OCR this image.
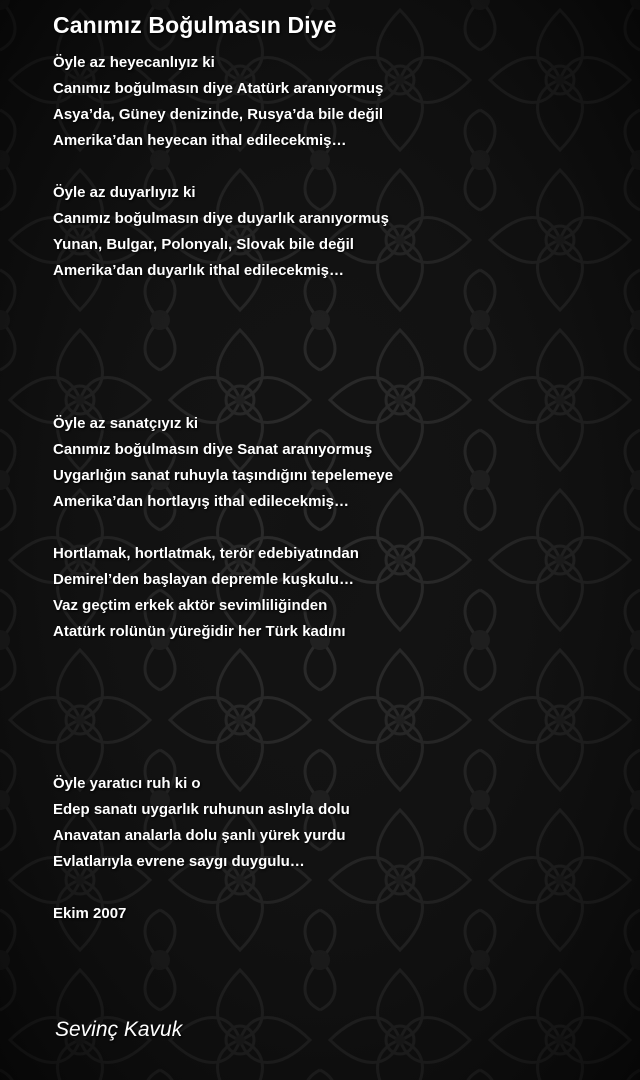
Canımız Boğulmasın Diye
Öyle az heyecanlıyız ki
Canımız boğulmasın diye Atatürk aranıyormuş
Asya’da, Güney denizinde, Rusya’da bile değil
Amerika’dan heyecan ithal edilecekmiş…
Öyle az duyarlıyız ki
Canımız boğulmasın diye duyarlık aranıyormuş
Yunan, Bulgar, Polonyalı, Slovak bile değil
Amerika’dan duyarlık ithal edilecekmiş…
Öyle az sanatçıyız ki
Canımız boğulmasın diye Sanat aranıyormuş
Uygarlığın sanat ruhuyla taşındığını tepelemeye
Amerika’dan hortlayış ithal edilecekmiş…
Hortlamak, hortlatmak, terör edebiyatından
Demirel’den başlayan depremle kuşkulu…
Vaz geçtim erkek aktör sevimliliğinden
Atatürk rolünün yüreğidir her Türk kadını
Öyle yaratıcı ruh ki o
Edep sanatı uygarlık ruhunun aslıyla dolu
Anavatan analarla dolu şanlı yürek yurdu
Evlatlarıyla evrene saygı duygulu…
Ekim 2007
Sevinç Kavuk
